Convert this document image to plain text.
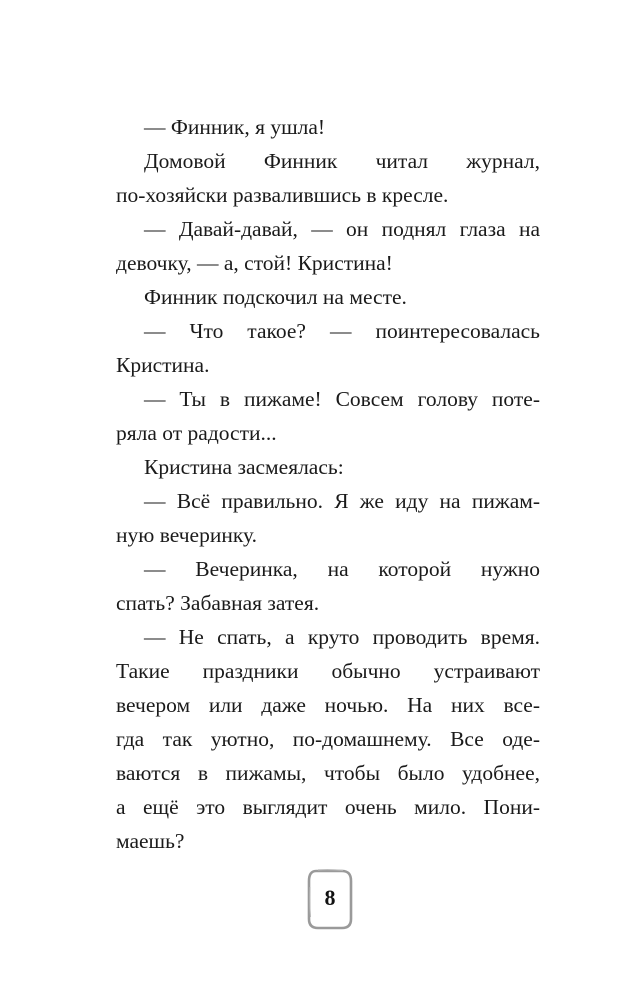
— Финник, я ушла!
Домовой Финник читал журнал,
по-хозяйски развалившись в кресле.
— Давай-давай, — он поднял глаза на
девочку, — а, стой! Кристина!
Финник подскочил на месте.
— Что такое? — поинтересовалась
Кристина.
— Ты в пижаме! Совсем голову поте-
ряла от радости...
Кристина засмеялась:
— Всё правильно. Я же иду на пижам-
ную вечеринку.
— Вечеринка, на которой нужно
спать? Забавная затея.
— Не спать, а круто проводить время.
Такие праздники обычно устраивают
вечером или даже ночью. На них все-
гда так уютно, по-домашнему. Все оде-
ваются в пижамы, чтобы было удобнее,
а ещё это выглядит очень мило. Пони-
маешь?
8
